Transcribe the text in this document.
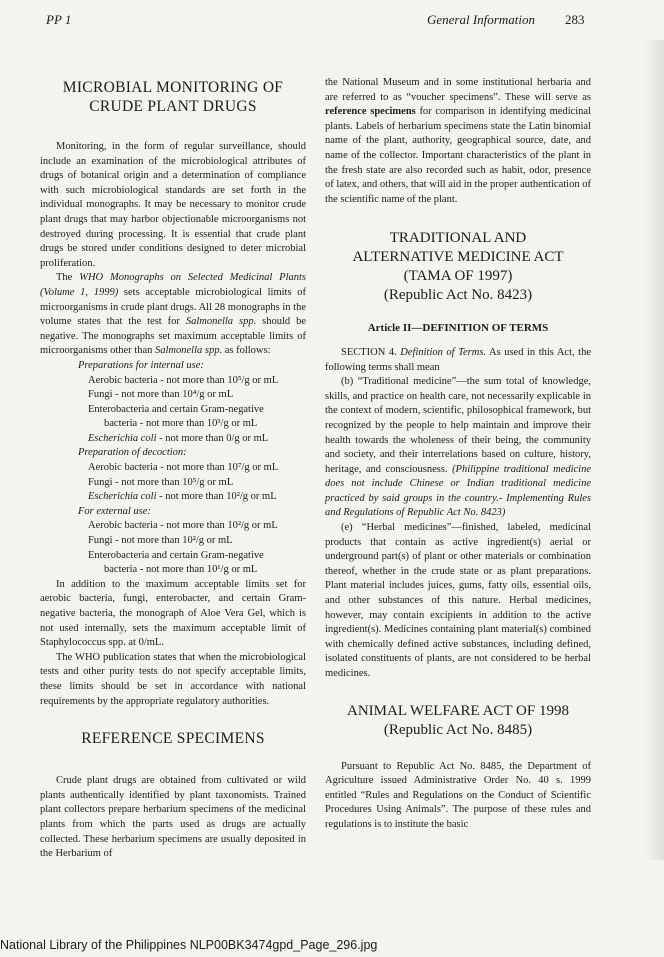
PP 1	General Information 283
MICROBIAL MONITORING OF
CRUDE PLANT DRUGS

Monitoring, in the form of regular surveillance, should include an examination of the microbiological attributes of drugs of botanical origin and a determination of compliance with such microbiological standards are set forth in the individual monographs. It may be necessary to monitor crude plant drugs that may harbor objectionable microorganisms not destroyed during processing. It is essential that crude plant drugs be stored under conditions designed to deter microbial proliferation.

The WHO Monographs on Selected Medicinal Plants (Volume 1, 1999) sets acceptable microbiological limits of microorganisms in crude plant drugs. All 28 monographs in the volume states that the test for Salmonella spp. should be negative. The monographs set maximum acceptable limits of microorganisms other than Salmonella spp. as follows:

Preparations for internal use:

Aerobic bacteria - not more than 10⁵/g or mL

Fungi - not more than 10⁴/g or mL

Enterobacteria and certain Gram-negative

bacteria - not more than 10³/g or mL

Escherichia coli - not more than 0/g or mL

Preparation of decoction:

Aerobic bacteria - not more than 10⁷/g or mL

Fungi - not more than 10⁵/g or mL

Escherichia coli - not more than 10²/g or mL

For external use:

Aerobic bacteria - not more than 10²/g or mL

Fungi - not more than 10²/g or mL

Enterobacteria and certain Gram-negative

bacteria - not more than 10¹/g or mL

In addition to the maximum acceptable limits set for aerobic bacteria, fungi, enterobacter, and certain Gram-negative bacteria, the monograph of Aloe Vera Gel, which is not used internally, sets the maximum acceptable limit of Staphylococcus spp. at 0/mL.

The WHO publication states that when the microbiological tests and other purity tests do not specify acceptable limits, these limits should be set in accordance with national requirements by the appropriate regulatory authorities.

REFERENCE SPECIMENS

Crude plant drugs are obtained from cultivated or wild plants authentically identified by plant taxonomists. Trained plant collectors prepare herbarium specimens of the medicinal plants from which the parts used as drugs are actually collected. These herbarium specimens are usually deposited in the Herbarium of

the National Museum and in some institutional herbaria and are referred to as “voucher specimens”. These will serve as reference specimens for comparison in identifying medicinal plants. Labels of herbarium specimens state the Latin binomial name of the plant, authority, geographical source, date, and name of the collector. Important characteristics of the plant in the fresh state are also recorded such as habit, odor, presence of latex, and others, that will aid in the proper authentication of the scientific name of the plant.

TRADITIONAL AND
ALTERNATIVE MEDICINE ACT
(TAMA OF 1997)
(Republic Act No. 8423)
Article II—DEFINITION OF TERMS

SECTION 4. Definition of Terms. As used in this Act, the following terms shall mean

(b) “Traditional medicine”—the sum total of knowledge, skills, and practice on health care, not necessarily explicable in the context of modern, scientific, philosophical framework, but recognized by the people to help maintain and improve their health towards the wholeness of their being, the community and society, and their interrelations based on culture, history, heritage, and consciousness. (Philippine traditional medicine does not include Chinese or Indian traditional medicine practiced by said groups in the country.- Implementing Rules and Regulations of Republic Act No. 8423)

(e) “Herbal medicines”—finished, labeled, medicinal products that contain as active ingredient(s) aerial or underground part(s) of plant or other materials or combination thereof, whether in the crude state or as plant preparations. Plant material includes juices, gums, fatty oils, essential oils, and other substances of this nature. Herbal medicines, however, may contain excipients in addition to the active ingredient(s). Medicines containing plant material(s) combined with chemically defined active substances, including defined, isolated constituents of plants, are not considered to be herbal medicines.

ANIMAL WELFARE ACT OF 1998
(Republic Act No. 8485)

Pursuant to Republic Act No. 8485, the Department of Agriculture issued Administrative Order No. 40 s. 1999 entitled “Rules and Regulations on the Conduct of Scientific Procedures Using Animals”. The purpose of these rules and regulations is to institute the basic

National Library of the Philippines NLP00BK3474gpd_Page_296.jpg
